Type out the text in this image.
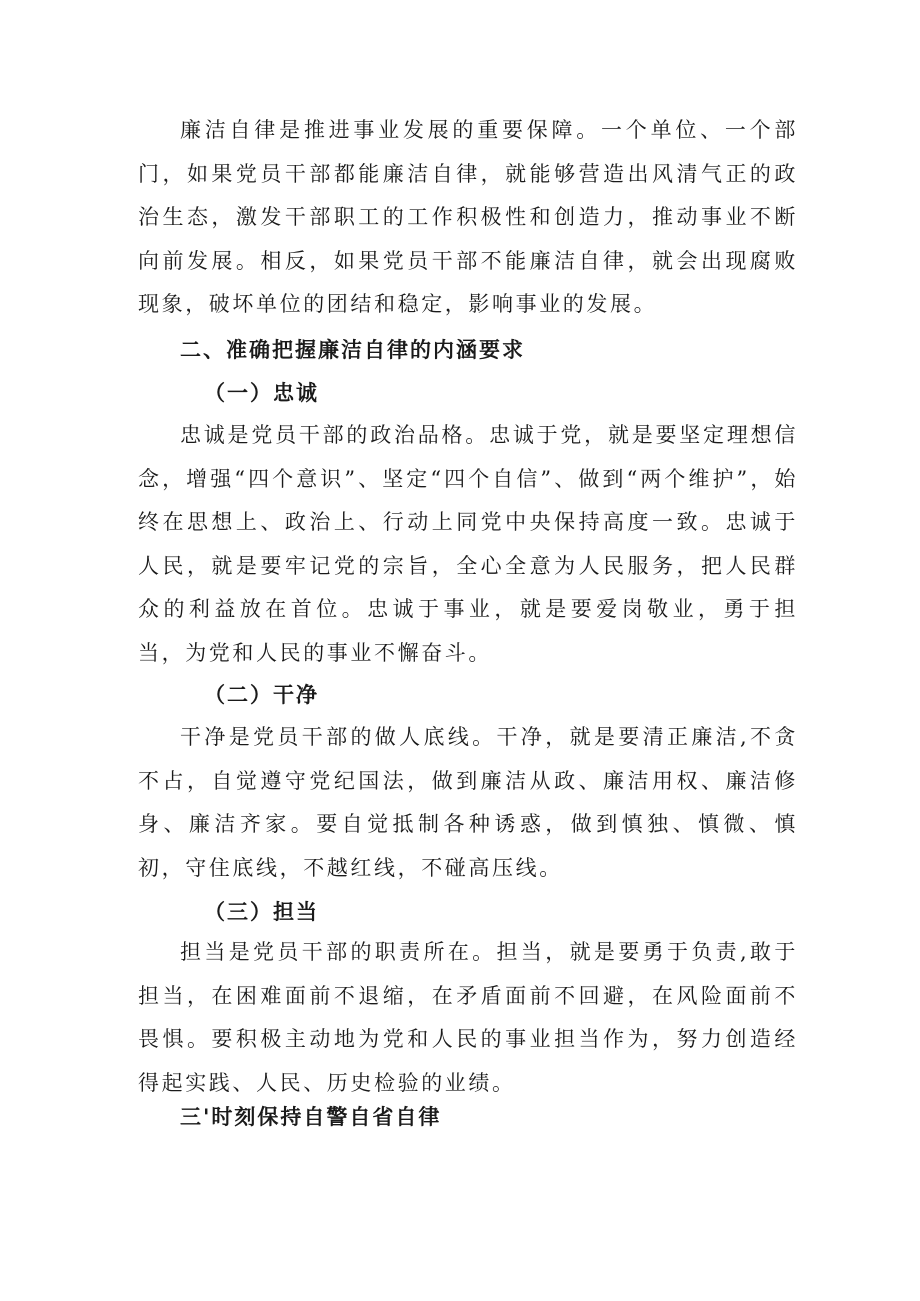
廉洁自律是推进事业发展的重要保障。一个单位、一个部门，如果党员干部都能廉洁自律，就能够营造出风清气正的政治生态，激发干部职工的工作积极性和创造力，推动事业不断向前发展。相反，如果党员干部不能廉洁自律，就会出现腐败现象，破坏单位的团结和稳定，影响事业的发展。

二、准确把握廉洁自律的内涵要求
（一）忠诚

忠诚是党员干部的政治品格。忠诚于党，就是要坚定理想信念，增强“四个意识”、坚定“四个自信”、做到“两个维护”，始终在思想上、政治上、行动上同党中央保持高度一致。忠诚于人民，就是要牢记党的宗旨，全心全意为人民服务，把人民群众的利益放在首位。忠诚于事业，就是要爱岗敬业，勇于担当，为党和人民的事业不懈奋斗。

（二）干净

干净是党员干部的做人底线。干净，就是要清正廉洁,不贪不占，自觉遵守党纪国法，做到廉洁从政、廉洁用权、廉洁修身、廉洁齐家。要自觉抵制各种诱惑，做到慎独、慎微、慎初，守住底线，不越红线，不碰高压线。

（三）担当

担当是党员干部的职责所在。担当，就是要勇于负责,敢于担当，在困难面前不退缩，在矛盾面前不回避，在风险面前不畏惧。要积极主动地为党和人民的事业担当作为，努力创造经得起实践、人民、历史检验的业绩。

三'时刻保持自警自省自律
